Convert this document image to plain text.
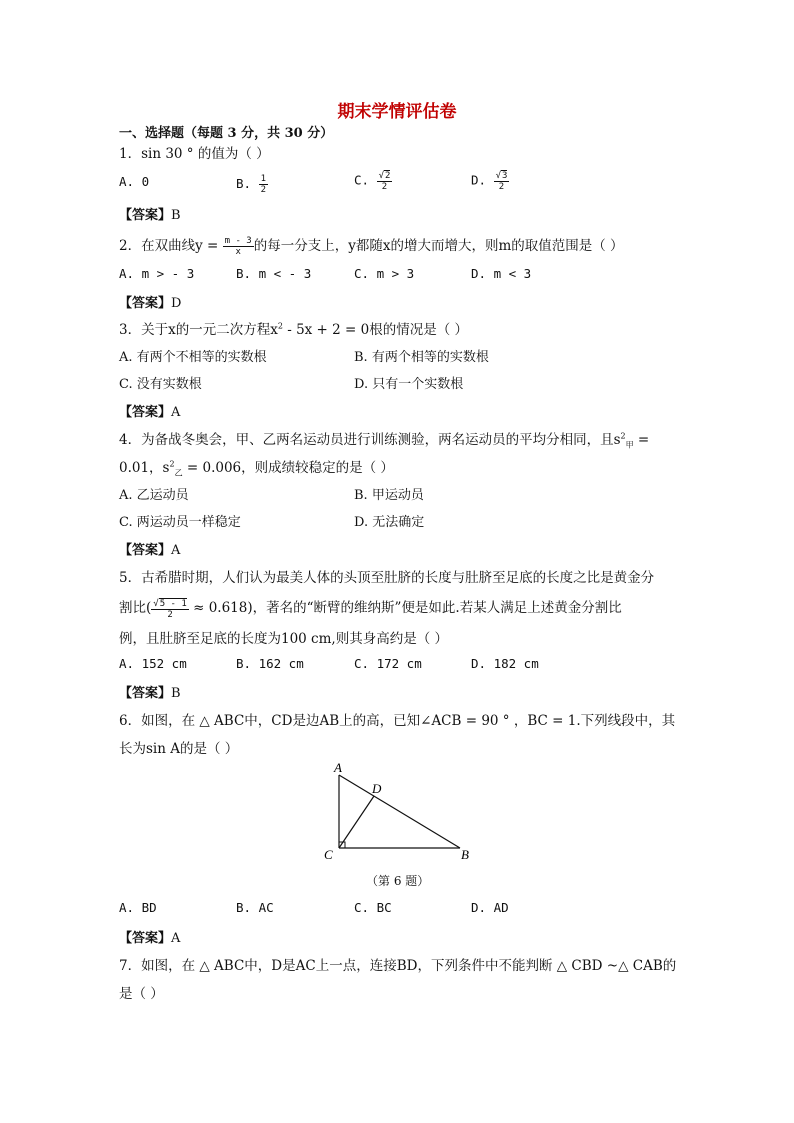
期末学情评估卷
一、选择题（每题 3 分，共 30 分）
1．sin 30 ° 的值为（ ）
A. 0	B. $\frac{1}{2}$	C. $\frac{√2}{2}$	D. $\frac{√3}{2}$
【答案】B
2．在双曲线$y = \frac{m - 3}{x}$ 的每一分支上，y都随x的增大而增大，则m的取值范围是（ ）
A. m > - 3	B. m < - 3	C. m > 3	D. m < 3
【答案】D
3．关于x的一元二次方程$x^2 - 5x + 2 = 0$根的情况是（ ）
A. 有两个不相等的实数根	B. 有两个相等的实数根
C. 没有实数根	D. 只有一个实数根
【答案】A
4．为备战冬奥会，甲、乙两名运动员进行训练测验，两名运动员的平均分相同，且$s^2_甲$ =
0.01，$s^2_乙 = 0.006$，则成绩较稳定的是（ ）
A. 乙运动员	B. 甲运动员
C. 两运动员一样稳定	D. 无法确定
【答案】A
5．古希腊时期，人们认为最美人体的头顶至肚脐的长度与肚脐至足底的长度之比是黄金分
割比( $\frac{√5 - 1}{2} \approx 0.618$)，著名的“断臂的维纳斯”便是如此.若某人满足上述黄金分割比
例，且肚脐至足底的长度为100 cm,则其身高约是（ ）
A. 152 cm	B. 162 cm	C. 172 cm	D. 182 cm
【答案】B
6．如图，在 △ ABC中，CD是边AB上的高，已知∠ACB = 90 ° ，BC = 1.下列线段中，其
长为sin A的是（ ）
A
D
C	B
（第 6 题）
A. BD	B. AC	C. BC	D. AD
【答案】A
7．如图，在 △ ABC中，D是AC上一点，连接BD，下列条件中不能判断 △ CBD ~△ CAB的
是（ ）
